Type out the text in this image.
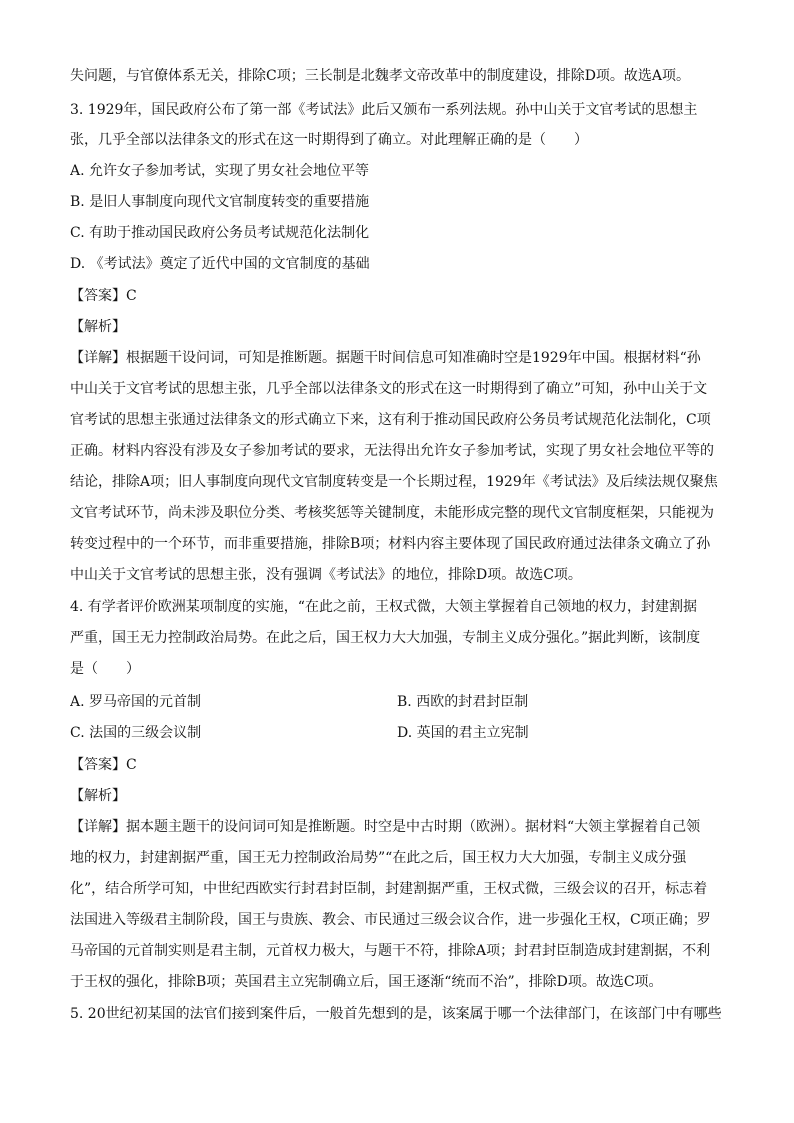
失问题，与官僚体系无关，排除C项；三长制是北魏孝文帝改革中的制度建设，排除D项。故选A项。
3. 1929年，国民政府公布了第一部《考试法》此后又颁布一系列法规。孙中山关于文官考试的思想主
张，几乎全部以法律条文的形式在这一时期得到了确立。对此理解正确的是（　　）
A. 允许女子参加考试，实现了男女社会地位平等
B. 是旧人事制度向现代文官制度转变的重要措施
C. 有助于推动国民政府公务员考试规范化法制化
D. 《考试法》奠定了近代中国的文官制度的基础
【答案】C
【解析】
【详解】根据题干设问词，可知是推断题。据题干时间信息可知准确时空是1929年中国。根据材料“孙
中山关于文官考试的思想主张，几乎全部以法律条文的形式在这一时期得到了确立”可知，孙中山关于文
官考试的思想主张通过法律条文的形式确立下来，这有利于推动国民政府公务员考试规范化法制化，C项
正确。材料内容没有涉及女子参加考试的要求，无法得出允许女子参加考试，实现了男女社会地位平等的
结论，排除A项；旧人事制度向现代文官制度转变是一个长期过程，1929年《考试法》及后续法规仅聚焦
文官考试环节，尚未涉及职位分类、考核奖惩等关键制度，未能形成完整的现代文官制度框架，只能视为
转变过程中的一个环节，而非重要措施，排除B项；材料内容主要体现了国民政府通过法律条文确立了孙
中山关于文官考试的思想主张，没有强调《考试法》的地位，排除D项。故选C项。
4. 有学者评价欧洲某项制度的实施，“在此之前，王权式微，大领主掌握着自己领地的权力，封建割据
严重，国王无力控制政治局势。在此之后，国王权力大大加强，专制主义成分强化。”据此判断，该制度
是（　　）
A. 罗马帝国的元首制	B. 西欧的封君封臣制
C. 法国的三级会议制	D. 英国的君主立宪制
【答案】C
【解析】
【详解】据本题主题干的设问词可知是推断题。时空是中古时期（欧洲）。据材料“大领主掌握着自己领
地的权力，封建割据严重，国王无力控制政治局势”“在此之后，国王权力大大加强，专制主义成分强
化”，结合所学可知，中世纪西欧实行封君封臣制，封建割据严重，王权式微，三级会议的召开，标志着
法国进入等级君主制阶段，国王与贵族、教会、市民通过三级会议合作，进一步强化王权，C项正确；罗
马帝国的元首制实则是君主制，元首权力极大，与题干不符，排除A项；封君封臣制造成封建割据，不利
于王权的强化，排除B项；英国君主立宪制确立后，国王逐渐“统而不治”，排除D项。故选C项。
5. 20世纪初某国的法官们接到案件后，一般首先想到的是，该案属于哪一个法律部门，在该部门中有哪些
